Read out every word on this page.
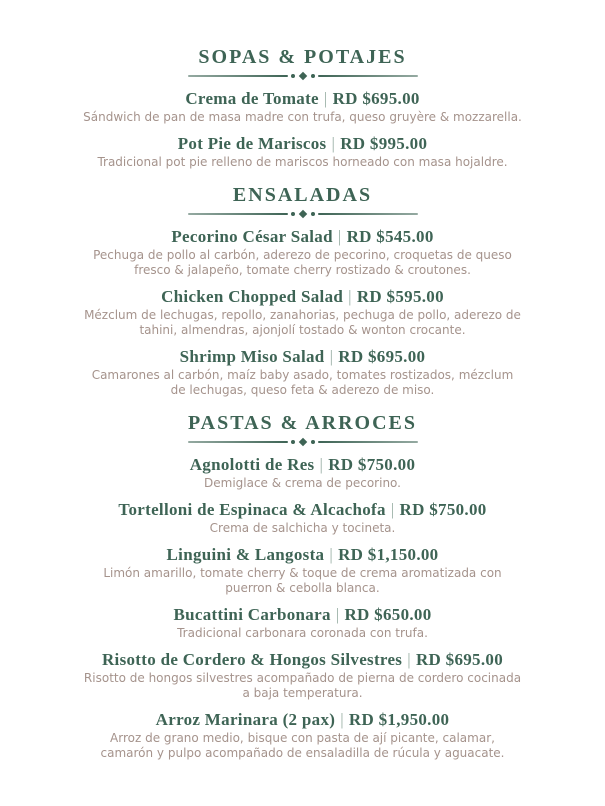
SOPAS & POTAJES
Crema de Tomate | RD $695.00

Sándwich de pan de masa madre con trufa, queso gruyère & mozzarella.

Pot Pie de Mariscos | RD $995.00

Tradicional pot pie relleno de mariscos horneado con masa hojaldre.

ENSALADAS
Pecorino César Salad | RD $545.00

Pechuga de pollo al carbón, aderezo de pecorino, croquetas de queso fresco & jalapeño, tomate cherry rostizado & croutones.

Chicken Chopped Salad | RD $595.00

Mézclum de lechugas, repollo, zanahorias, pechuga de pollo, aderezo de tahini, almendras, ajonjolí tostado & wonton crocante.

Shrimp Miso Salad | RD $695.00

Camarones al carbón, maíz baby asado, tomates rostizados, mézclum de lechugas, queso feta & aderezo de miso.

PASTAS & ARROCES
Agnolotti de Res | RD $750.00

Demiglace & crema de pecorino.

Tortelloni de Espinaca & Alcachofa | RD $750.00

Crema de salchicha y tocineta.

Linguini & Langosta | RD $1,150.00

Limón amarillo, tomate cherry & toque de crema aromatizada con puerron & cebolla blanca.

Bucattini Carbonara | RD $650.00

Tradicional carbonara coronada con trufa.

Risotto de Cordero & Hongos Silvestres | RD $695.00

Risotto de hongos silvestres acompañado de pierna de cordero cocinada a baja temperatura.

Arroz Marinara (2 pax) | RD $1,950.00

Arroz de grano medio, bisque con pasta de ají picante, calamar, camarón y pulpo acompañado de ensaladilla de rúcula y aguacate.
